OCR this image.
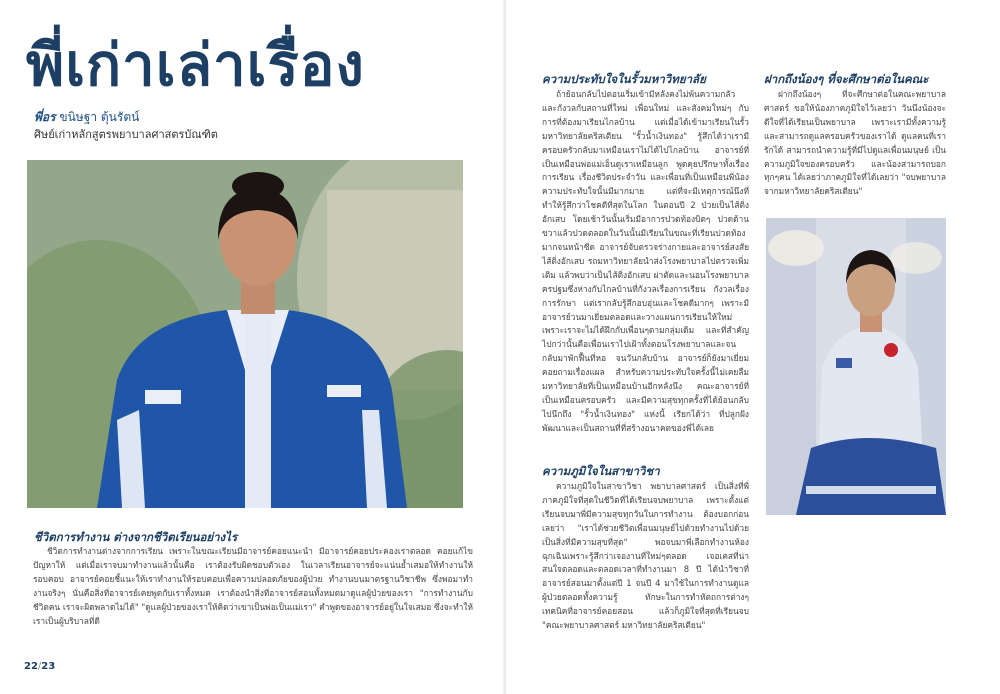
พี่เก่าเล่าเรื่อง
พี่อร ขนิษฐา ตุ้นรัตน์
ศิษย์เก่าหลักสูตรพยาบาลศาสตรบัณฑิต
ชีวิตการทำงาน ต่างจากชีวิตเรียนอย่างไร
ชีวิตการทำงานต่างจากการเรียน เพราะในขณะเรียนมีอาจารย์คอยแนะนำ มีอาจารย์คอยประคองเราตลอด คอยแก้ไขปัญหาให้ แต่เมื่อเราจบมาทำงานแล้วนั้นคือ เราต้องรับผิดชอบตัวเอง ในเวลาเรียนอาจารย์จะแน่นย้ำเสมอให้ทำงานให้รอบคอบ อาจารย์คอยชี้แนะให้เราทำงานให้รอบคอบเพื่อความปลอดภัยของผู้ป่วย ทำงานบนมาตรฐานวิชาชีพ ซึ่งพอมาทำงานจริงๆ นั่นคือสิ่งที่อาจารย์เคยพูดกับเราทั้งหมด เราต้องนำสิ่งที่อาจารย์สอนทั้งหมดมาดูแลผู้ป่วยของเรา "การทำงานกับชีวิตคน เราจะผิดพลาดไม่ได้" "ดูแลผู้ป่วยของเราให้คิดว่าเขาเป็นพ่อเป็นแม่เรา" คำพูดของอาจารย์อยู่ในใจเสมอ ซึ่งจะทำให้เราเป็นผู้บริบาลที่ดี
22/23
ความประทับใจในรั้วมหาวิทยาลัย
ถ้าย้อนกลับไปตอนเริ่มเข้ามีหลังคงไม่พ้นความกลัวและกังวลกับสถานที่ใหม่ เพื่อนใหม่ และสังคมใหม่ๆ กับการที่ต้องมาเรียนไกลบ้าน แต่เมื่อได้เข้ามาเรียนในรั้วมหาวิทยาลัยคริสเตียน "รั้วน้ำเงินทอง" รู้สึกได้ว่าเรามีครอบครัวกลับมาเหมือนเราไม่ได้ไปไกลบ้าน อาจารย์ที่เป็นเหมือนพ่อแม่เอ็นดูเราเหมือนลูก พูดคุยปรึกษาทั้งเรื่องการเรียน เรื่องชีวิตประจำวัน และเพื่อนที่เป็นเหมือนพี่น้อง ความประทับใจนั้นมีมากมาย แต่ที่จะมีเหตุการณ์นึงที่ทำให้รู้สึกว่าโชคดีที่สุดในโลก ในตอนปี 2 ป่วยเป็นไส้ติ่งอักเสบ โดยเช้าวันนั้นเริ่มมีอาการปวดท้องบิดๆ ปวดด้านขวาแล้วปวดตลอดในวันนั้นมีเรียนในขณะที่เรียนปวดท้องมากจนหน้าซีด อาจารย์จับตรวจร่างกายและอาจารย์สงสัยไส้ติ่งอักเสบ รถมหาวิทยาลัยนำส่งโรงพยาบาลไปตรวจเพิ่มเติม แล้วพบว่าเป็นไส้ติ่งอักเสบ ผ่าตัดและนอนโรงพยาบาลครปฐมซึ่งห่างกับไกลบ้านที่กังวลเรื่องการเรียน กังวลเรื่องการรักษา แต่เรากลับรู้สึกอบอุ่นและโชคดีมากๆ เพราะมีอาจารย์วนมาเยี่ยมตลอดและวางแผนการเรียนให้ใหม่เพราะเราจะไม่ได้ฝึกกับเพื่อนๆตามกลุ่มเดิม และที่สำคัญไปกว่านั้นคือเพื่อนเราไปเฝ้าทั้งตอนโรงพยาบาลและจนกลับมาพักฟื้นที่หอ จนวันกลับบ้าน อาจารย์ก็ยังมาเยี่ยม คอยถามเรื่องแผล สำหรับความประทับใจครั้งนี้ไม่เคยลืม มหาวิทยาลัยที่เป็นเหมือนบ้านอีกหลังนึง คณะอาจารย์ที่เป็นเหมือนครอบครัว และมีความสุขทุกครั้งที่ได้ย้อนกลับไปนึกถึง "รั้วน้ำเงินทอง" แห่งนี้ เรียกได้ว่า ที่ปลูกฝัง พัฒนาและเป็นสถานที่ที่สร้างอนาคตของพี่ได้เลย
ความภูมิใจในสาขาวิชา
ความภูมิใจในสาขาวิชา พยาบาลศาสตร์ เป็นสิ่งที่พี่ภาคภูมิใจที่สุดในชีวิตที่ได้เรียนจบพยาบาล เพราะตั้งแต่เรียนจบมาพี่มีความสุขทุกวันในการทำงาน ต้องบอกก่อนเลยว่า "เราได้ช่วยชีวิตเพื่อนมนุษย์ไปด้วยทำงานไปด้วยเป็นสิ่งที่มีความสุขที่สุด" พอจบมาพี่เลือกทำงานห้องฉุกเฉินเพราะรู้สึกว่าเจองานที่ใหม่ๆตลอด เจอเคสที่น่าสนใจตลอดและตลอดเวลาที่ทำงานมา 8 ปี ได้นำวิชาที่อาจารย์สอนมาตั้งแต่ปี 1 จนปี 4 มาใช้ในการทำงานดูแลผู้ป่วยตลอดทั้งความรู้ ทักษะในการทำหัตถการต่างๆ เทคนิคที่อาจารย์คอยสอน แล้วก็ภูมิใจที่สุดที่เรียนจบ "คณะพยาบาลศาสตร์ มหาวิทยาลัยคริสเตียน"
ฝากถึงน้องๆ ที่จะศึกษาต่อในคณะ
ฝากถึงน้องๆ ที่จะศึกษาต่อในคณะพยาบาลศาสตร์ ขอให้น้องภาคภูมิใจไว้เลยว่า วันนึงน้องจะดีใจที่ได้เรียนเป็นพยาบาล เพราะเรามีทั้งความรู้และสามารถดูแลครอบครัวของเราได้ ดูแลคนที่เรารักได้ สามารถนำความรู้ที่มีไปดูแลเพื่อนมนุษย์ เป็นความภูมิใจของครอบครัว และน้องสามารถบอกทุกๆคน ได้เลยว่าภาคภูมิใจที่ได้เลยว่า "จบพยาบาลจากมหาวิทยาลัยคริสเตียน"
